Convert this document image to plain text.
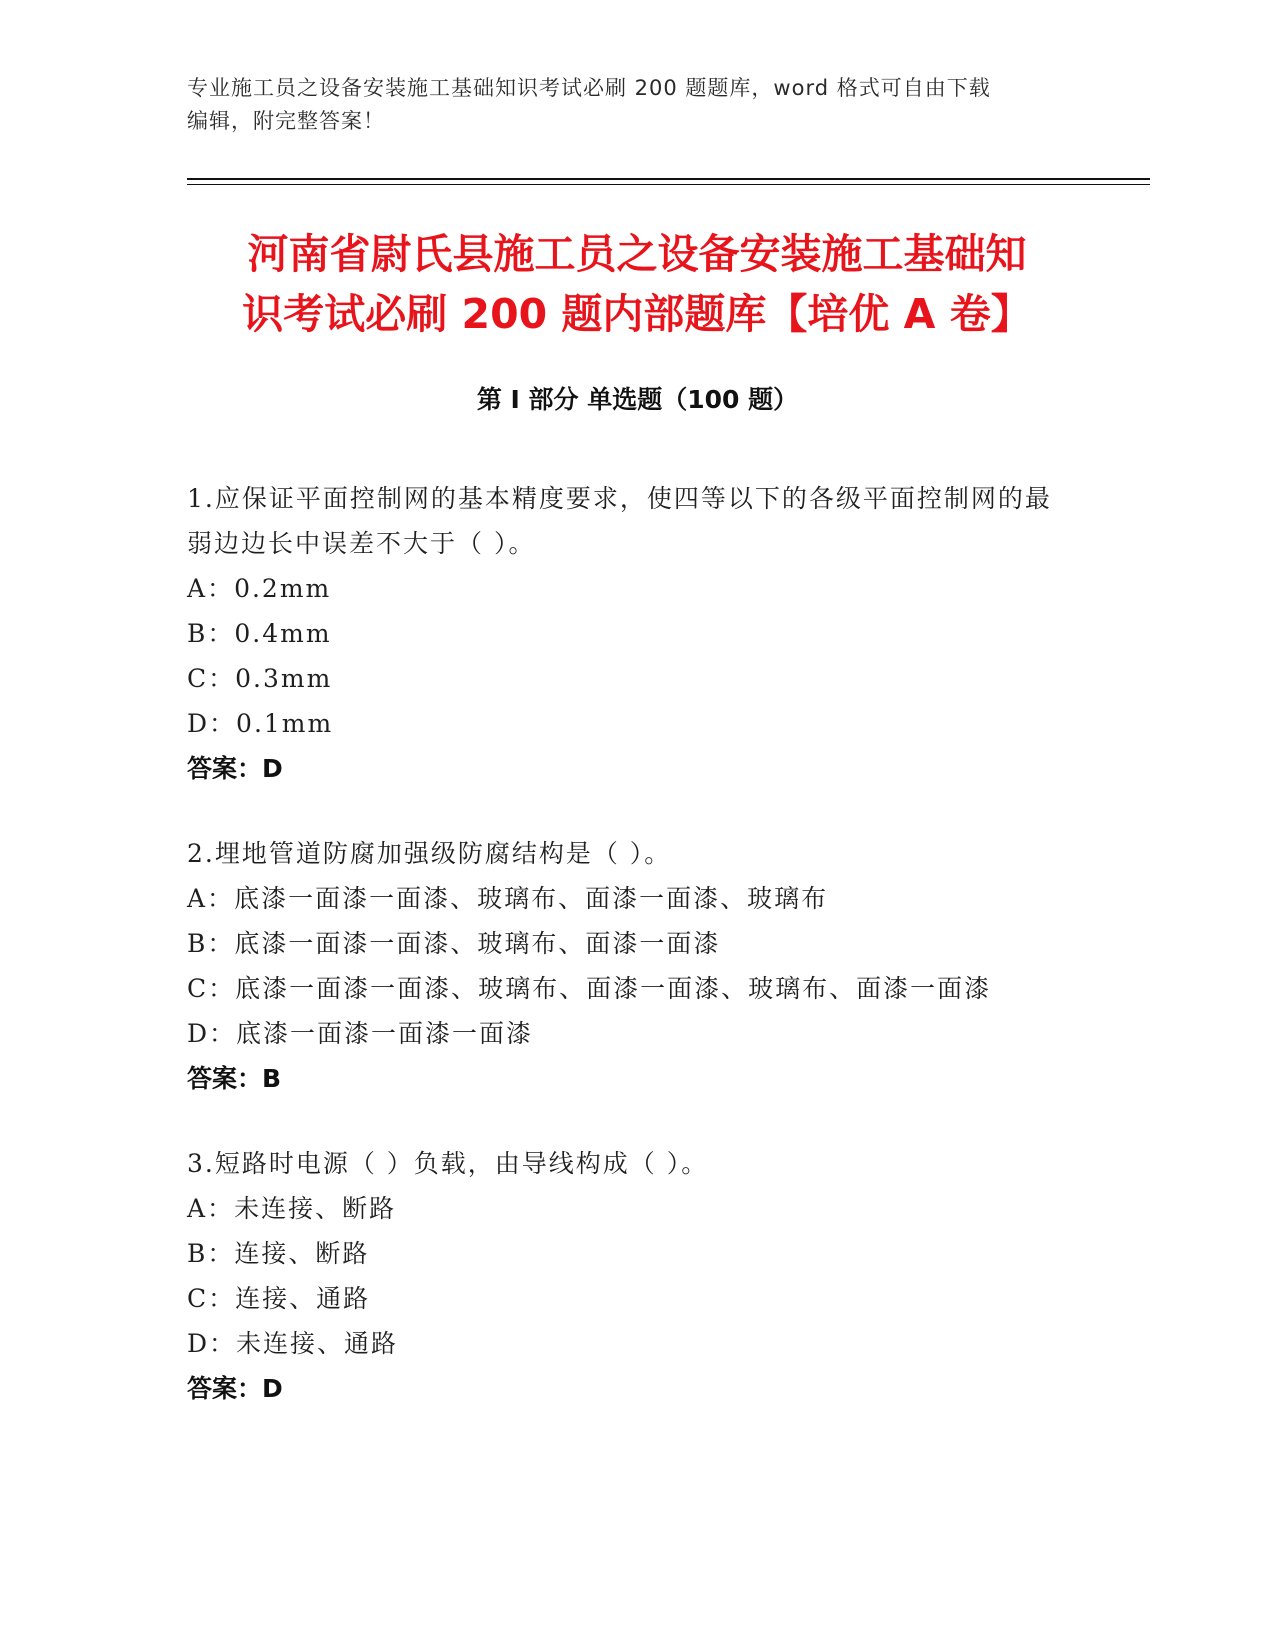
专业施工员之设备安装施工基础知识考试必刷 200 题题库，word 格式可自由下载
编辑，附完整答案！
河南省尉氏县施工员之设备安装施工基础知
识考试必刷 200 题内部题库【培优 A 卷】
第 I 部分 单选题（100 题）

1.应保证平面控制网的基本精度要求，使四等以下的各级平面控制网的最弱边边长中误差不大于（ ）。

A：0.2mm
B：0.4mm
C：0.3mm
D：0.1mm
答案：D

2.埋地管道防腐加强级防腐结构是（ ）。

A：底漆一面漆一面漆、玻璃布、面漆一面漆、玻璃布
B：底漆一面漆一面漆、玻璃布、面漆一面漆
C：底漆一面漆一面漆、玻璃布、面漆一面漆、玻璃布、面漆一面漆
D：底漆一面漆一面漆一面漆
答案：B

3.短路时电源（ ）负载，由导线构成（ ）。

A：未连接、断路
B：连接、断路
C：连接、通路
D：未连接、通路
答案：D
